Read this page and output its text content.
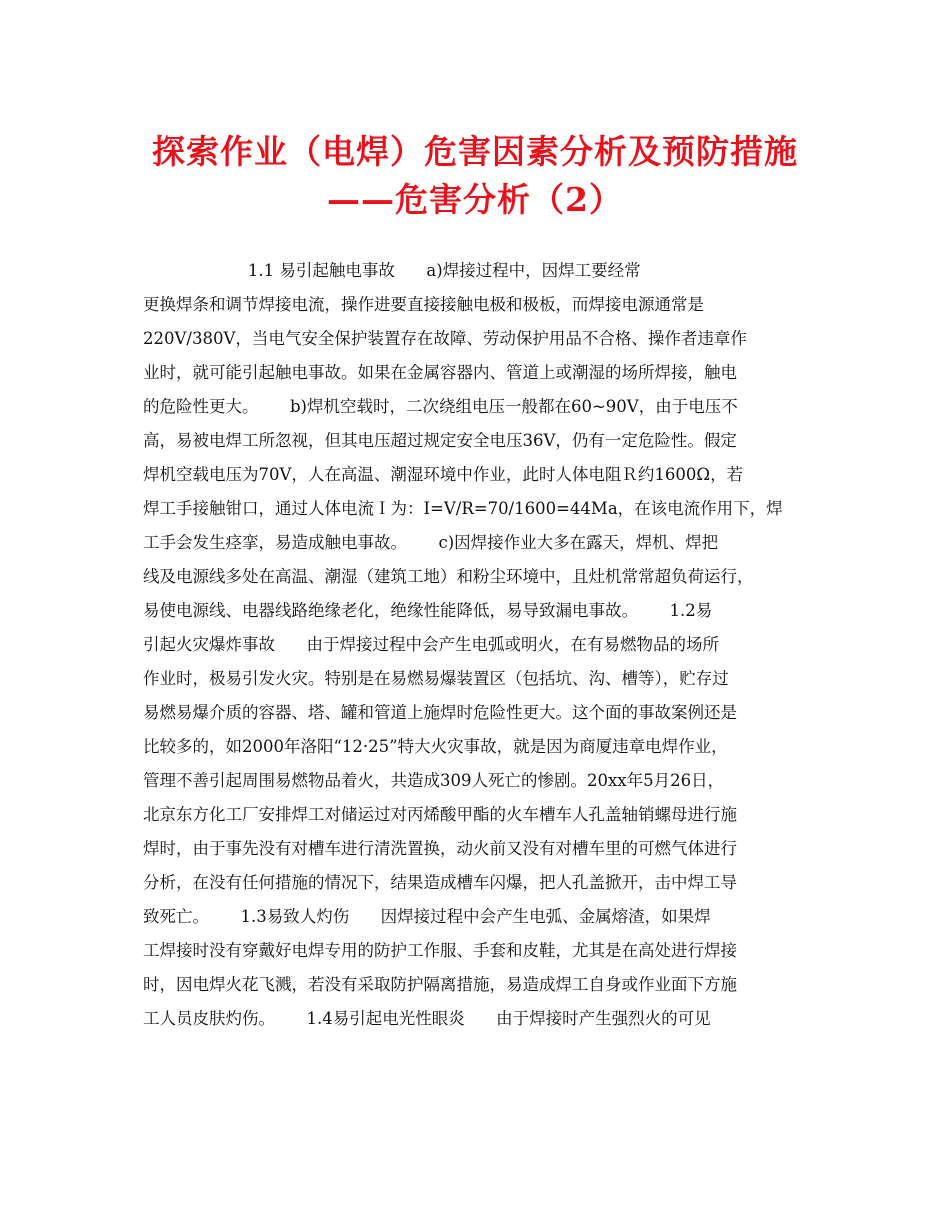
探索作业（电焊）危害因素分析及预防措施
——危害分析（2）
1.1 易引起触电事故      a)焊接过程中，因焊工要经常
更换焊条和调节焊接电流，操作进要直接接触电极和极板，而焊接电源通常是
220V/380V，当电气安全保护装置存在故障、劳动保护用品不合格、操作者违章作
业时，就可能引起触电事故。如果在金属容器内、管道上或潮湿的场所焊接，触电
的危险性更大。      b)焊机空载时，二次绕组电压一般都在60~90V，由于电压不
高，易被电焊工所忽视，但其电压超过规定安全电压36V，仍有一定危险性。假定
焊机空载电压为70V，人在高温、潮湿环境中作业，此时人体电阻Ｒ约1600Ω，若
焊工手接触钳口，通过人体电流Ｉ为：I=V/R=70/1600=44Ma，在该电流作用下，焊
工手会发生痉挛，易造成触电事故。      c)因焊接作业大多在露天，焊机、焊把
线及电源线多处在高温、潮湿（建筑工地）和粉尘环境中，且灶机常常超负荷运行，
易使电源线、电器线路绝缘老化，绝缘性能降低，易导致漏电事故。      1.2易
引起火灾爆炸事故      由于焊接过程中会产生电弧或明火，在有易燃物品的场所
作业时，极易引发火灾。特别是在易燃易爆装置区（包括坑、沟、槽等），贮存过
易燃易爆介质的容器、塔、罐和管道上施焊时危险性更大。这个面的事故案例还是
比较多的，如2000年洛阳“12·25”特大火灾事故，就是因为商厦违章电焊作业，
管理不善引起周围易燃物品着火，共造成309人死亡的惨剧。20xx年5月26日，
北京东方化工厂安排焊工对储运过对丙烯酸甲酯的火车槽车人孔盖轴销螺母进行施
焊时，由于事先没有对槽车进行清洗置换，动火前又没有对槽车里的可燃气体进行
分析，在没有任何措施的情况下，结果造成槽车闪爆，把人孔盖掀开，击中焊工导
致死亡。      1.3易致人灼伤      因焊接过程中会产生电弧、金属熔渣，如果焊
工焊接时没有穿戴好电焊专用的防护工作服、手套和皮鞋，尤其是在高处进行焊接
时，因电焊火花飞溅，若没有采取防护隔离措施，易造成焊工自身或作业面下方施
工人员皮肤灼伤。      1.4易引起电光性眼炎      由于焊接时产生强烈火的可见
